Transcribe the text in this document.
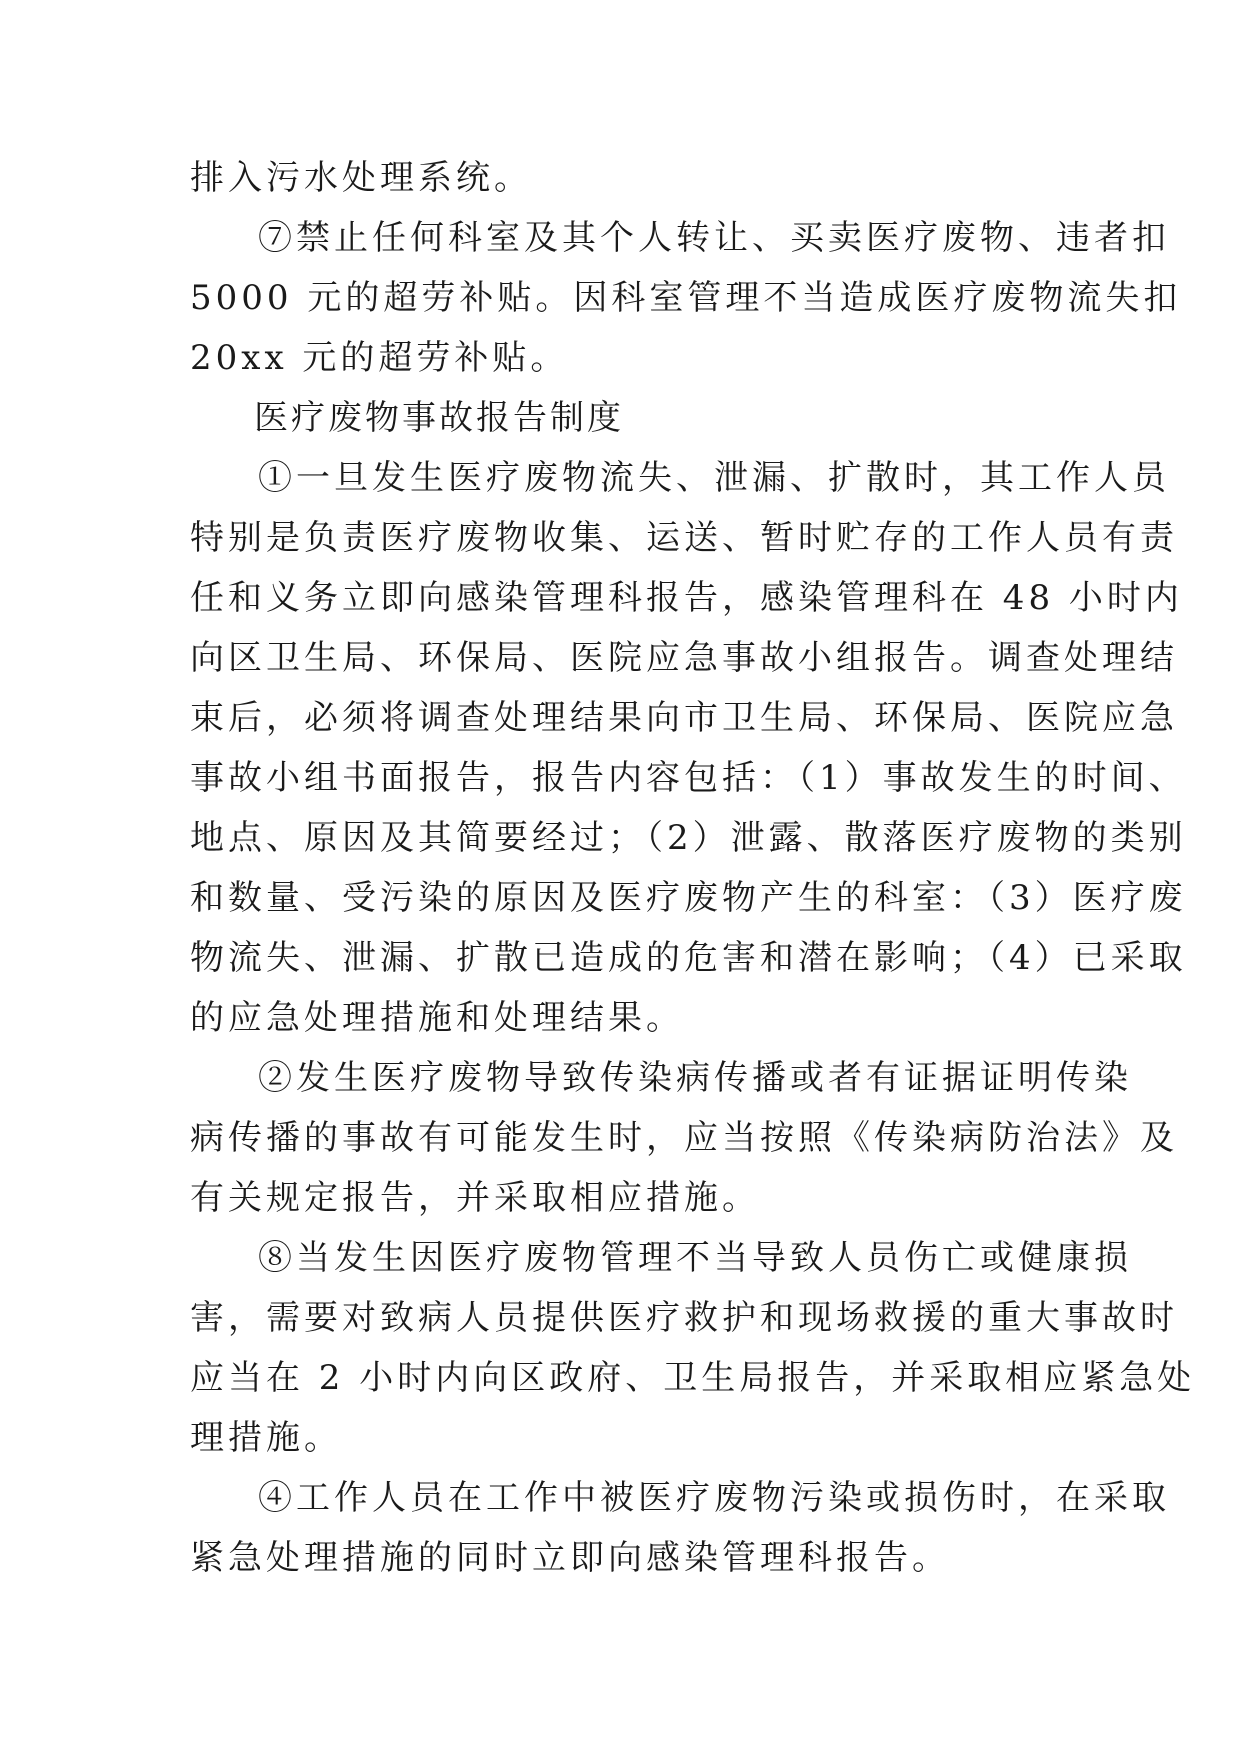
排入污水处理系统。
⑦禁止任何科室及其个人转让、买卖医疗废物、违者扣
5000 元的超劳补贴。因科室管理不当造成医疗废物流失扣
20xx 元的超劳补贴。
医疗废物事故报告制度
①一旦发生医疗废物流失、泄漏、扩散时，其工作人员
特别是负责医疗废物收集、运送、暂时贮存的工作人员有责
任和义务立即向感染管理科报告，感染管理科在 48 小时内
向区卫生局、环保局、医院应急事故小组报告。调查处理结
束后，必须将调查处理结果向市卫生局、环保局、医院应急
事故小组书面报告，报告内容包括：（1）事故发生的时间、
地点、原因及其简要经过；（2）泄露、散落医疗废物的类别
和数量、受污染的原因及医疗废物产生的科室：（3）医疗废
物流失、泄漏、扩散已造成的危害和潜在影响；（4）已采取
的应急处理措施和处理结果。
②发生医疗废物导致传染病传播或者有证据证明传染
病传播的事故有可能发生时，应当按照《传染病防治法》及
有关规定报告，并采取相应措施。
⑧当发生因医疗废物管理不当导致人员伤亡或健康损
害，需要对致病人员提供医疗救护和现场救援的重大事故时
应当在 2 小时内向区政府、卫生局报告，并采取相应紧急处
理措施。
④工作人员在工作中被医疗废物污染或损伤时，在采取
紧急处理措施的同时立即向感染管理科报告。
